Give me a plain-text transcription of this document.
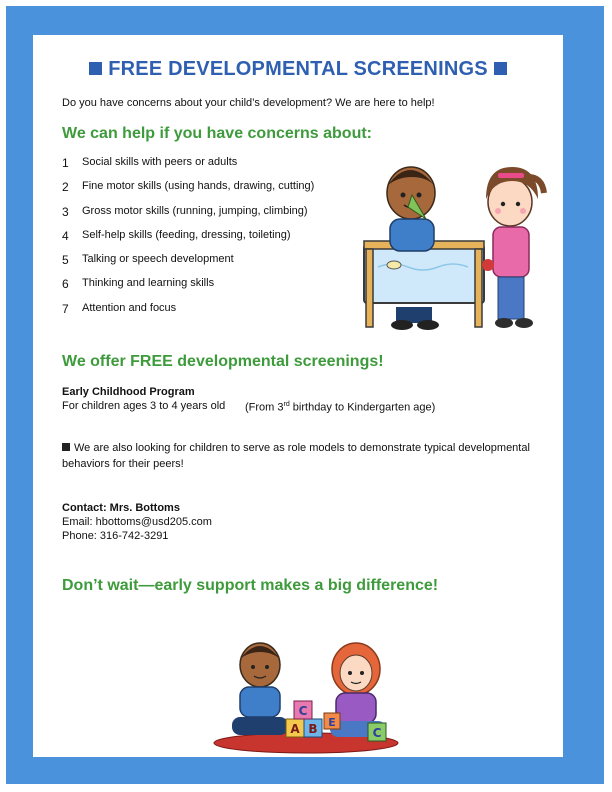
FREE DEVELOPMENTAL SCREENINGS
Do you have concerns about your child’s development? We are here to help!
We can help if you have concerns about:
1	Social skills with peers or adults
2	Fine motor skills (using hands, drawing, cutting)
3	Gross motor skills (running, jumping, climbing)
4	Self-help skills (feeding, dressing, toileting)
5	Talking or speech development
6	Thinking and learning skills
7	Attention and focus
We offer FREE developmental screenings!
Early Childhood Program
For children ages 3 to 4 years old (From 3rd birthday to Kindergarten age)
We are also looking for children to serve as role models to demonstrate typical developmental behaviors for their peers!
Contact: Mrs. Bottoms
Email: hbottoms@usd205.com
Phone: 316-742-3291
Don’t wait—early support makes a big difference!
A
C
B E
C
